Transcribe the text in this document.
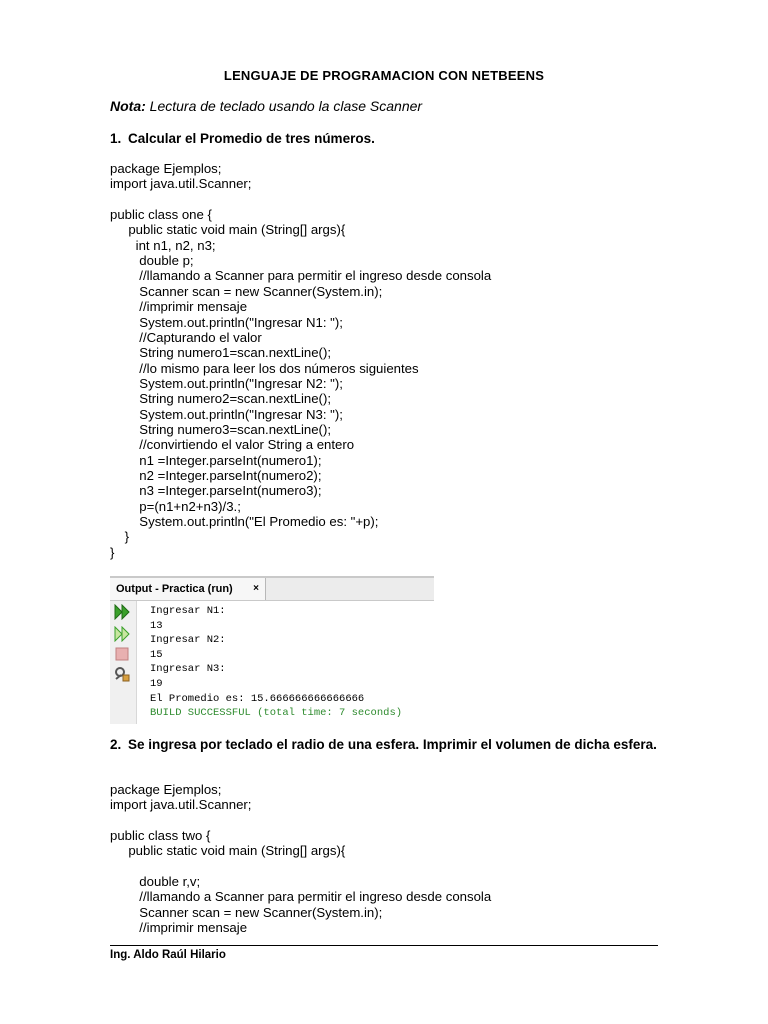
LENGUAJE DE PROGRAMACION CON NETBEENS
Nota: Lectura de teclado usando la clase Scanner
1. Calcular el Promedio de tres números.
package Ejemplos;
import java.util.Scanner;
public class one {
public static void main (String[] args){
int n1, n2, n3;
double p;
//llamando a Scanner para permitir el ingreso desde consola
Scanner scan = new Scanner(System.in);
//imprimir mensaje
System.out.println("Ingresar N1: ");
//Capturando el valor
String numero1=scan.nextLine();
//lo mismo para leer los dos números siguientes
System.out.println("Ingresar N2: ");
String numero2=scan.nextLine();
System.out.println("Ingresar N3: ");
String numero3=scan.nextLine();
//convirtiendo el valor String a entero
n1 =Integer.parseInt(numero1);
n2 =Integer.parseInt(numero2);
n3 =Integer.parseInt(numero3);
p=(n1+n2+n3)/3.;
System.out.println("El Promedio es: "+p);
}
}
Output - Practica (run) ×
Ingresar N1:
13
Ingresar N2:
15
Ingresar N3:
19
El Promedio es: 15.666666666666666
BUILD SUCCESSFUL (total time: 7 seconds)
2. Se ingresa por teclado el radio de una esfera. Imprimir el volumen de dicha esfera.
package Ejemplos;
import java.util.Scanner;
public class two {
public static void main (String[] args){
double r,v;
//llamando a Scanner para permitir el ingreso desde consola
Scanner scan = new Scanner(System.in);
//imprimir mensaje
Ing. Aldo Raúl Hilario
